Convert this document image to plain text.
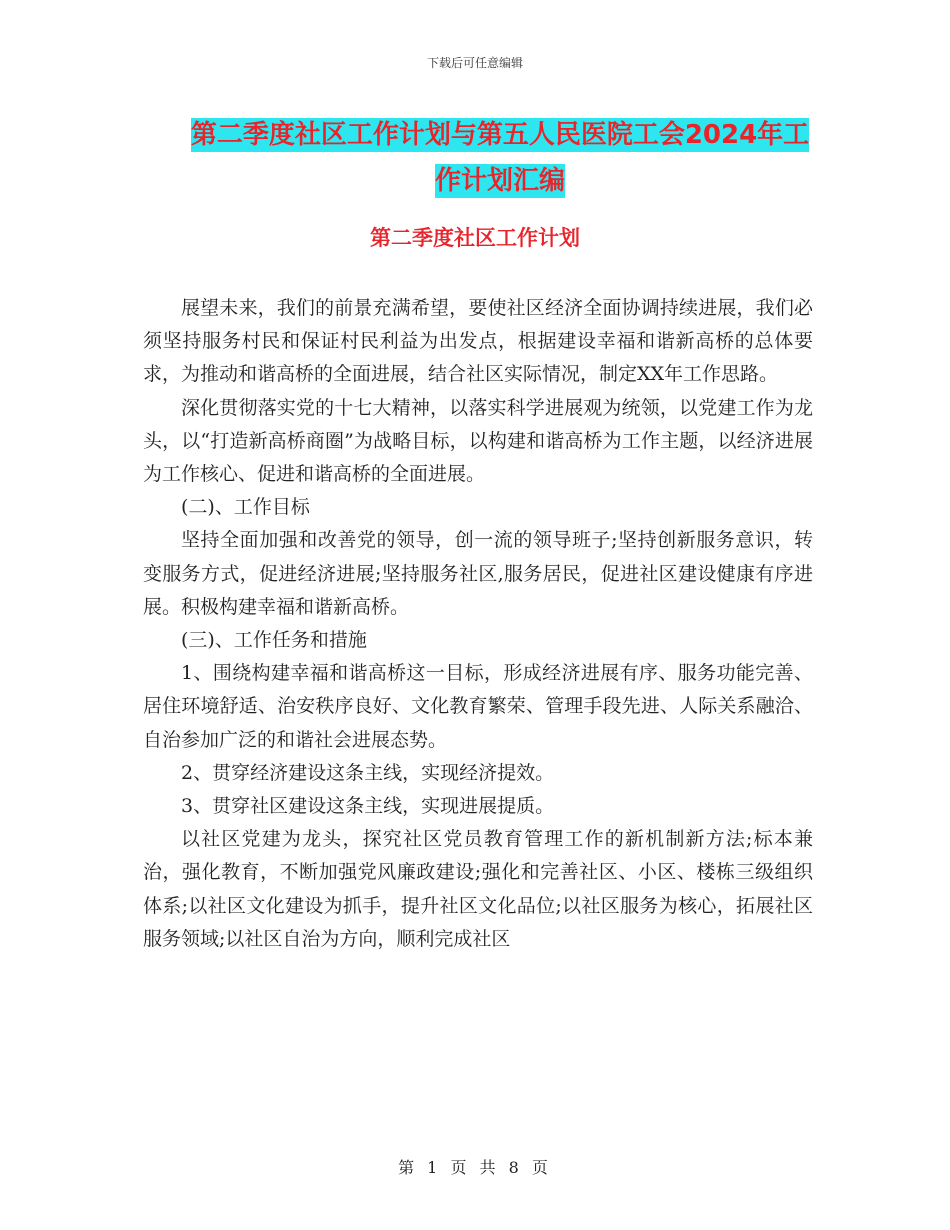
下载后可任意编辑
第二季度社区工作计划与第五人民医院工会2024年工
作计划汇编
第二季度社区工作计划

展望未来，我们的前景充满希望，要使社区经济全面协调持续进展，我们必须坚持服务村民和保证村民利益为出发点，根据建设幸福和谐新高桥的总体要求，为推动和谐高桥的全面进展，结合社区实际情况，制定XX年工作思路。

深化贯彻落实党的十七大精神，以落实科学进展观为统领，以党建工作为龙头，以“打造新高桥商圈”为战略目标，以构建和谐高桥为工作主题，以经济进展为工作核心、促进和谐高桥的全面进展。

(二)、工作目标

坚持全面加强和改善党的领导，创一流的领导班子;坚持创新服务意识，转变服务方式，促进经济进展;坚持服务社区,服务居民，促进社区建设健康有序进展。积极构建幸福和谐新高桥。

(三)、工作任务和措施

1、围绕构建幸福和谐高桥这一目标，形成经济进展有序、服务功能完善、居住环境舒适、治安秩序良好、文化教育繁荣、管理手段先进、人际关系融洽、自治参加广泛的和谐社会进展态势。

2、贯穿经济建设这条主线，实现经济提效。

3、贯穿社区建设这条主线，实现进展提质。

以社区党建为龙头，探究社区党员教育管理工作的新机制新方法;标本兼治，强化教育，不断加强党风廉政建设;强化和完善社区、小区、楼栋三级组织体系;以社区文化建设为抓手，提升社区文化品位;以社区服务为核心，拓展社区服务领域;以社区自治为方向，顺利完成社区

第 1 页 共 8 页
